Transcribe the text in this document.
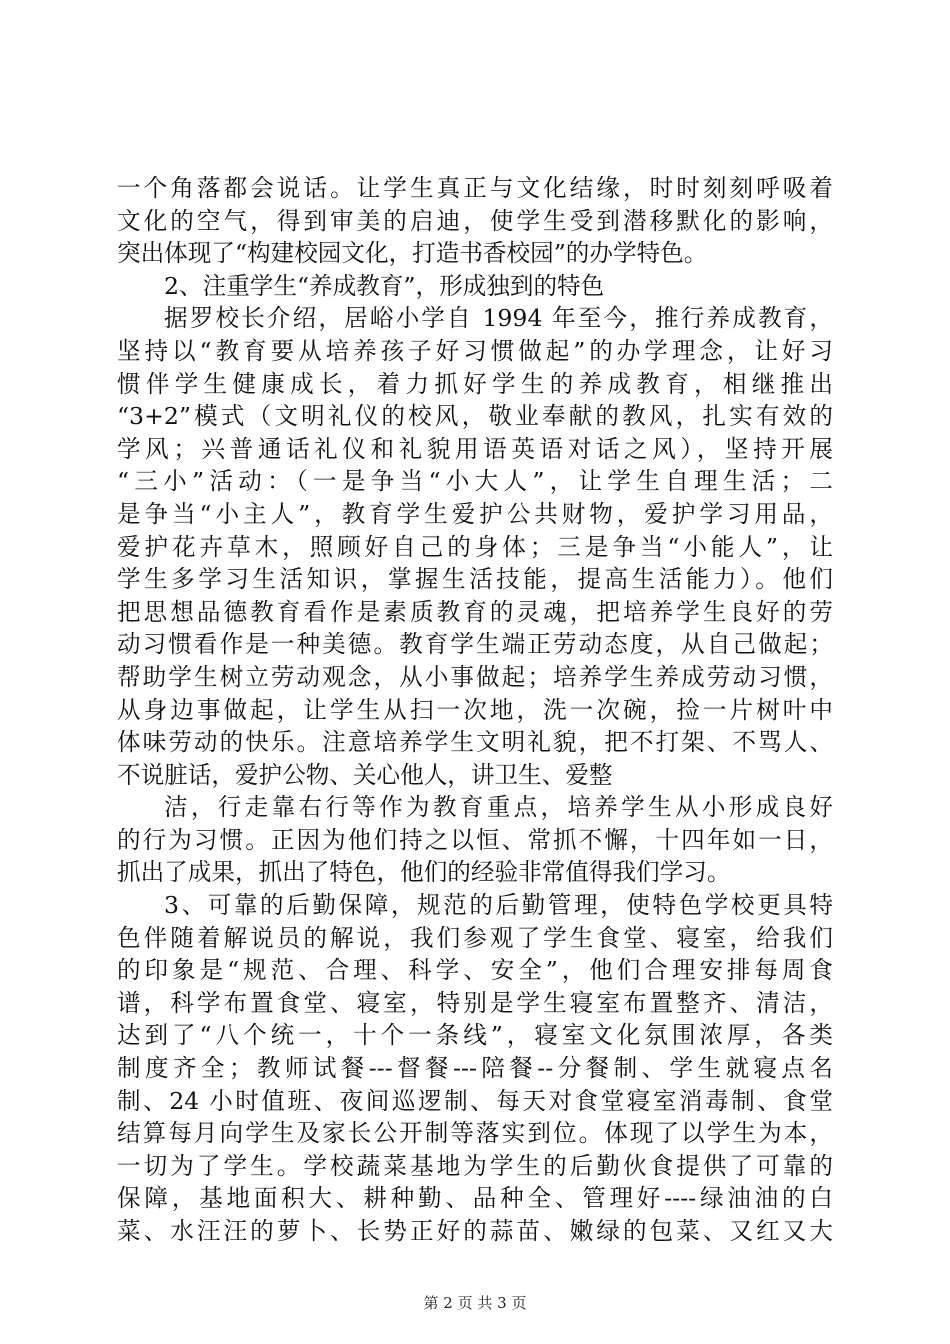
一个角落都会说话。让学生真正与文化结缘，时时刻刻呼吸着
文化的空气，得到审美的启迪，使学生受到潜移默化的影响，
突出体现了“构建校园文化，打造书香校园”的办学特色。
2、注重学生“养成教育”，形成独到的特色
据罗校长介绍，居峪小学自 1994 年至今，推行养成教育，
坚持以“教育要从培养孩子好习惯做起”的办学理念，让好习
惯伴学生健康成长，着力抓好学生的养成教育，相继推出
“3+2”模式（文明礼仪的校风，敬业奉献的教风，扎实有效的
学风；兴普通话礼仪和礼貌用语英语对话之风），坚持开展
“三小”活动：（一是争当“小大人”，让学生自理生活；二
是争当“小主人”，教育学生爱护公共财物，爱护学习用品，
爱护花卉草木，照顾好自己的身体；三是争当“小能人”，让
学生多学习生活知识，掌握生活技能，提高生活能力）。他们
把思想品德教育看作是素质教育的灵魂，把培养学生良好的劳
动习惯看作是一种美德。教育学生端正劳动态度，从自己做起；
帮助学生树立劳动观念，从小事做起；培养学生养成劳动习惯，
从身边事做起，让学生从扫一次地，洗一次碗，捡一片树叶中
体味劳动的快乐。注意培养学生文明礼貌，把不打架、不骂人、
不说脏话，爱护公物、关心他人，讲卫生、爱整
洁，行走靠右行等作为教育重点，培养学生从小形成良好
的行为习惯。正因为他们持之以恒、常抓不懈，十四年如一日，
抓出了成果，抓出了特色，他们的经验非常值得我们学习。
3、可靠的后勤保障，规范的后勤管理，使特色学校更具特
色伴随着解说员的解说，我们参观了学生食堂、寝室，给我们
的印象是“规范、合理、科学、安全”，他们合理安排每周食
谱，科学布置食堂、寝室，特别是学生寝室布置整齐、清洁，
达到了“八个统一，十个一条线”，寝室文化氛围浓厚，各类
制度齐全；教师试餐---督餐---陪餐--分餐制、学生就寝点名
制、24 小时值班、夜间巡逻制、每天对食堂寝室消毒制、食堂
结算每月向学生及家长公开制等落实到位。体现了以学生为本，
一切为了学生。学校蔬菜基地为学生的后勤伙食提供了可靠的
保障，基地面积大、耕种勤、品种全、管理好----绿油油的白
菜、水汪汪的萝卜、长势正好的蒜苗、嫩绿的包菜、又红又大
第 2 页 共 3 页
